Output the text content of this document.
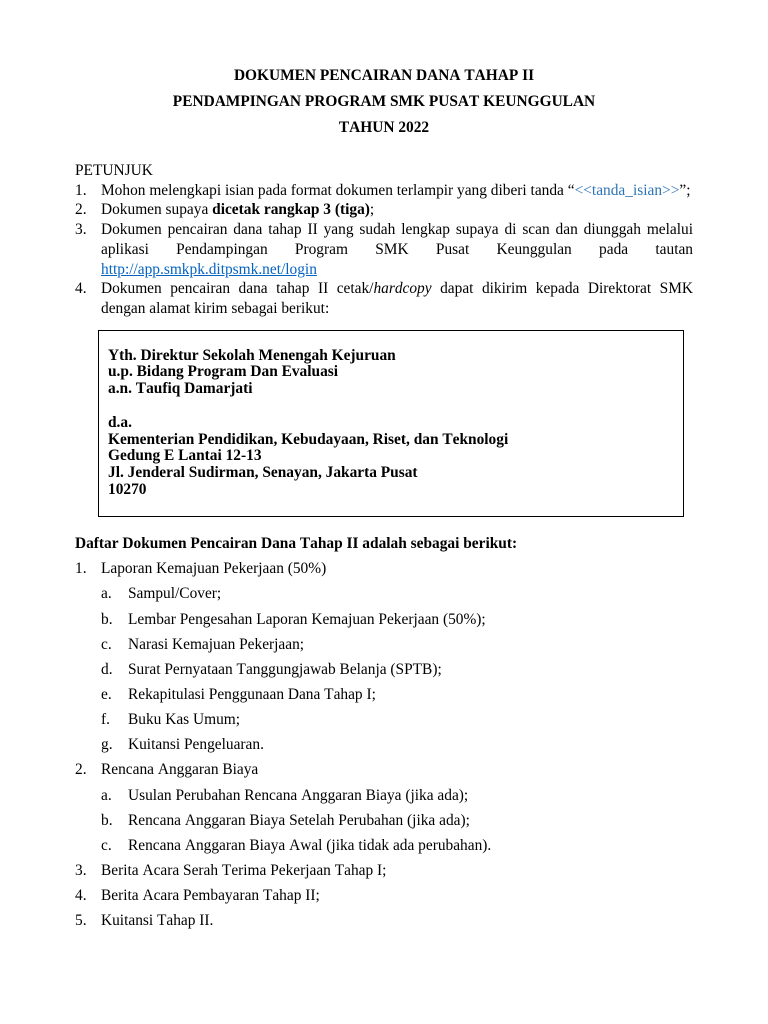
DOKUMEN PENCAIRAN DANA TAHAP II
PENDAMPINGAN PROGRAM SMK PUSAT KEUNGGULAN
TAHUN 2022
PETUNJUK
1. Mohon melengkapi isian pada format dokumen terlampir yang diberi tanda “<<tanda_isian>>”;
2. Dokumen supaya dicetak rangkap 3 (tiga);
3. Dokumen pencairan dana tahap II yang sudah lengkap supaya di scan dan diunggah melalui aplikasi Pendampingan Program SMK Pusat Keunggulan pada tautan http://app.smkpk.ditpsmk.net/login
4. Dokumen pencairan dana tahap II cetak/hardcopy dapat dikirim kepada Direktorat SMK dengan alamat kirim sebagai berikut:
Yth. Direktur Sekolah Menengah Kejuruan
u.p. Bidang Program Dan Evaluasi
a.n. Taufiq Damarjati
d.a.
Kementerian Pendidikan, Kebudayaan, Riset, dan Teknologi
Gedung E Lantai 12-13
Jl. Jenderal Sudirman, Senayan, Jakarta Pusat
10270
Daftar Dokumen Pencairan Dana Tahap II adalah sebagai berikut:
1. Laporan Kemajuan Pekerjaan (50%)
a.	Sampul/Cover;
b.	Lembar Pengesahan Laporan Kemajuan Pekerjaan (50%);
c.	Narasi Kemajuan Pekerjaan;
d.	Surat Pernyataan Tanggungjawab Belanja (SPTB);
e.	Rekapitulasi Penggunaan Dana Tahap I;
f.	Buku Kas Umum;
g.	Kuitansi Pengeluaran.
2. Rencana Anggaran Biaya
a.	Usulan Perubahan Rencana Anggaran Biaya (jika ada);
b.	Rencana Anggaran Biaya Setelah Perubahan (jika ada);
c.	Rencana Anggaran Biaya Awal (jika tidak ada perubahan).
3. Berita Acara Serah Terima Pekerjaan Tahap I;
4. Berita Acara Pembayaran Tahap II;
5. Kuitansi Tahap II.
